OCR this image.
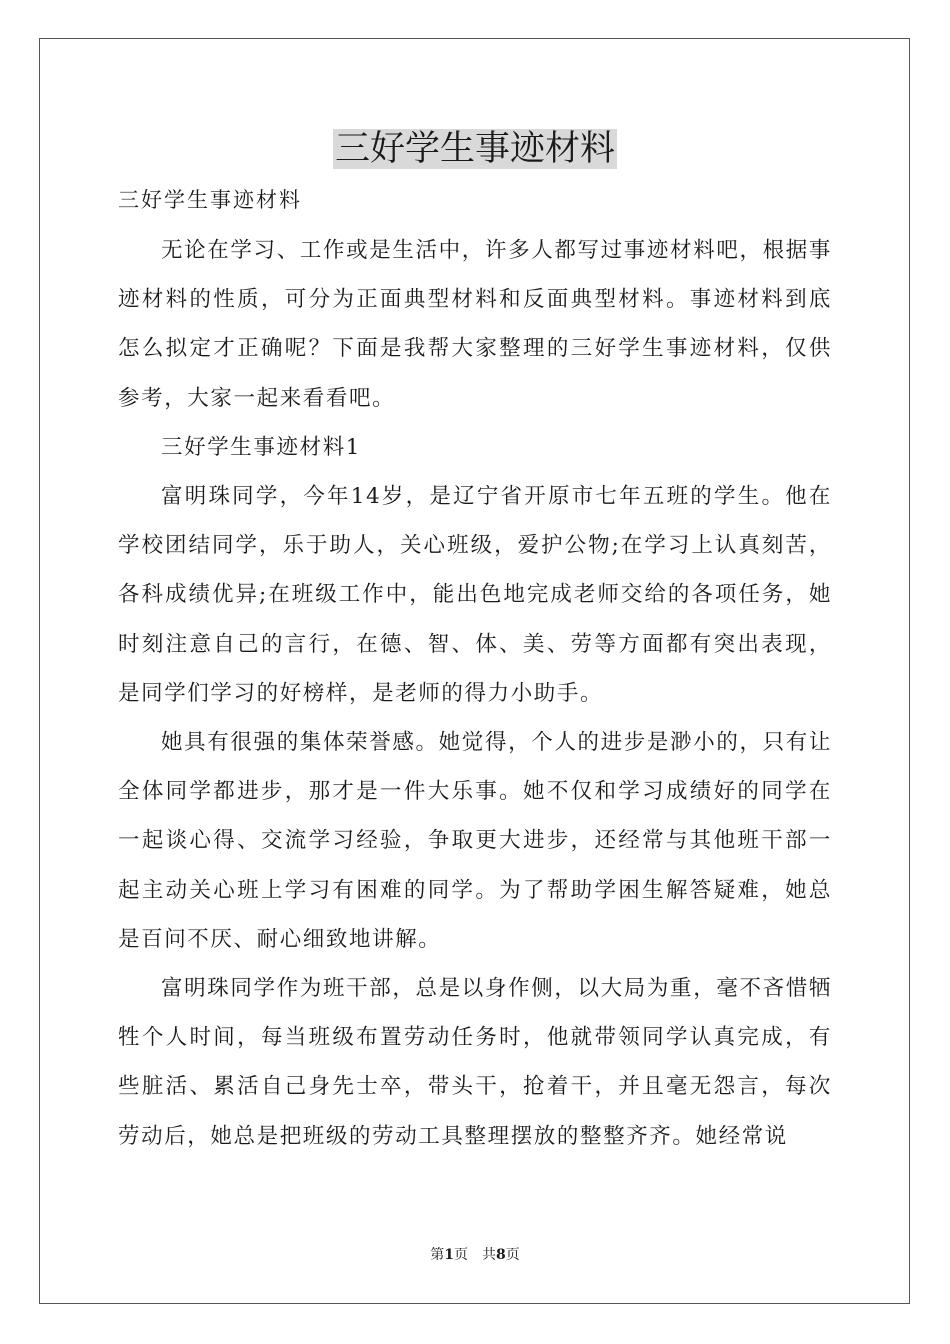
三好学生事迹材料
三好学生事迹材料

无论在学习、工作或是生活中，许多人都写过事迹材料吧，根据事迹材料的性质，可分为正面典型材料和反面典型材料。事迹材料到底怎么拟定才正确呢？下面是我帮大家整理的三好学生事迹材料，仅供参考，大家一起来看看吧。

三好学生事迹材料1

富明珠同学，今年14岁，是辽宁省开原市七年五班的学生。他在学校团结同学，乐于助人，关心班级，爱护公物;在学习上认真刻苦，各科成绩优异;在班级工作中，能出色地完成老师交给的各项任务，她时刻注意自己的言行，在德、智、体、美、劳等方面都有突出表现，是同学们学习的好榜样，是老师的得力小助手。

她具有很强的集体荣誉感。她觉得，个人的进步是渺小的，只有让全体同学都进步，那才是一件大乐事。她不仅和学习成绩好的同学在一起谈心得、交流学习经验，争取更大进步，还经常与其他班干部一起主动关心班上学习有困难的同学。为了帮助学困生解答疑难，她总是百问不厌、耐心细致地讲解。

富明珠同学作为班干部，总是以身作侧，以大局为重，毫不吝惜牺牲个人时间，每当班级布置劳动任务时，他就带领同学认真完成，有些脏活、累活自己身先士卒，带头干，抢着干，并且毫无怨言，每次劳动后，她总是把班级的劳动工具整理摆放的整整齐齐。她经常说

第1页　共8页
